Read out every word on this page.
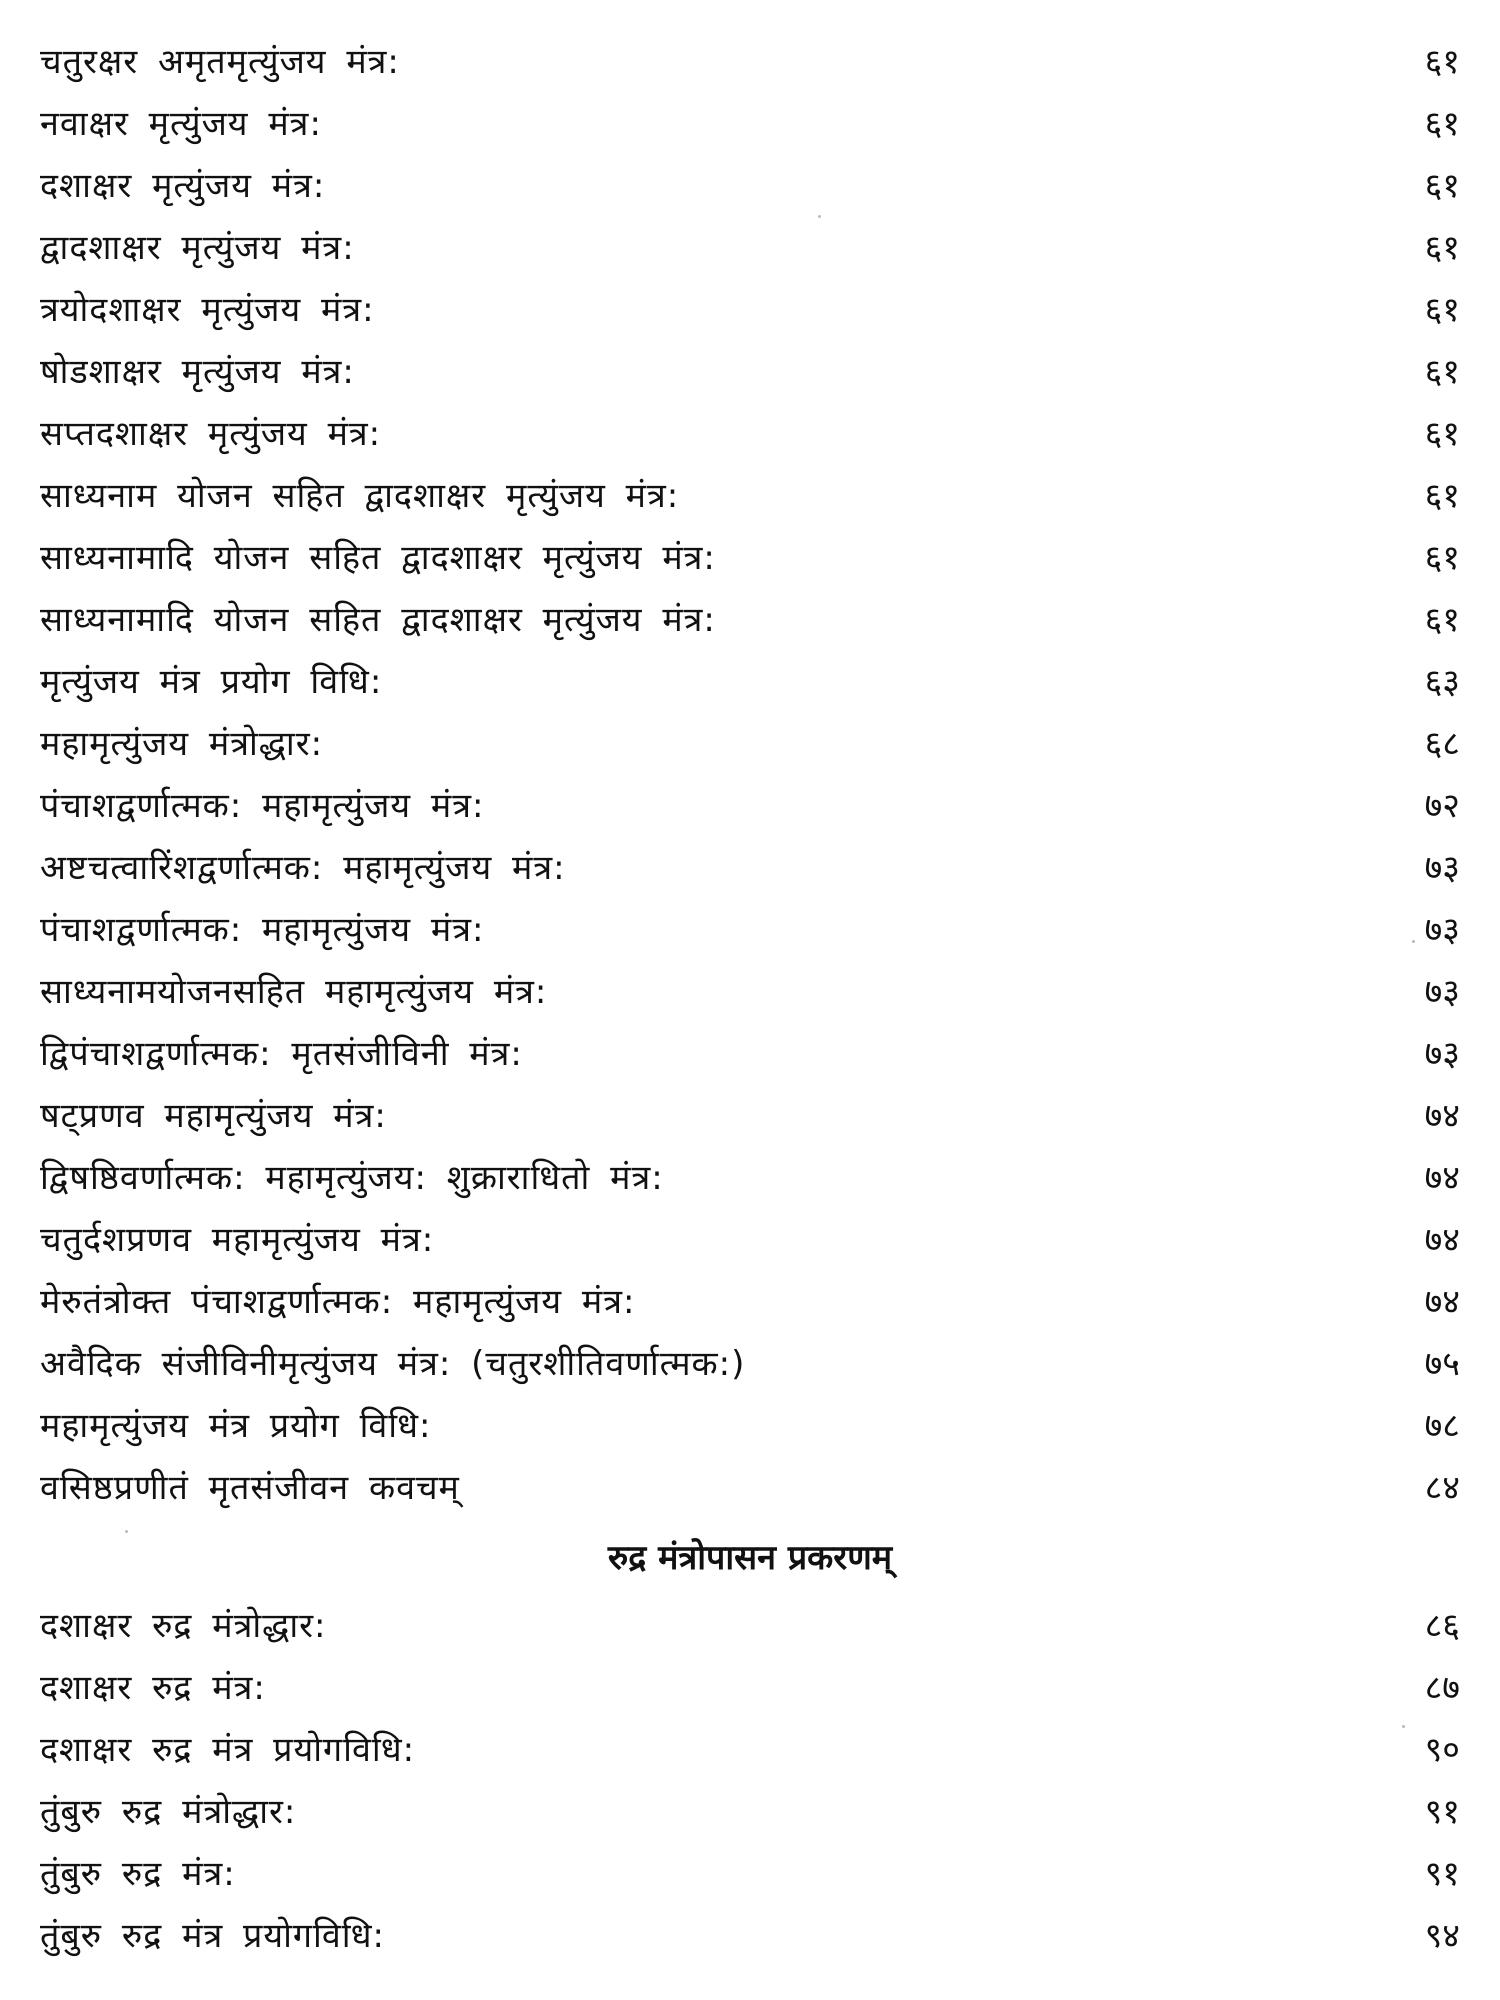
चतुरक्षर अमृतमृत्युंजय मंत्र:	६१
नवाक्षर मृत्युंजय मंत्र:	६१
दशाक्षर मृत्युंजय मंत्र:	६१
द्वादशाक्षर मृत्युंजय मंत्र:	६१
त्रयोदशाक्षर मृत्युंजय मंत्र:	६१
षोडशाक्षर मृत्युंजय मंत्र:	६१
सप्तदशाक्षर मृत्युंजय मंत्र:	६१
साध्यनाम योजन सहित द्वादशाक्षर मृत्युंजय मंत्र:	६१
साध्यनामादि योजन सहित द्वादशाक्षर मृत्युंजय मंत्र:	६१
साध्यनामादि योजन सहित द्वादशाक्षर मृत्युंजय मंत्र:	६१
मृत्युंजय मंत्र प्रयोग विधि:	६३
महामृत्युंजय मंत्रोद्धार:	६८
पंचाशद्वर्णात्मक: महामृत्युंजय मंत्र:	७२
अष्टचत्वारिंशद्वर्णात्मक: महामृत्युंजय मंत्र:	७३
पंचाशद्वर्णात्मक: महामृत्युंजय मंत्र:	७३
साध्यनामयोजनसहित महामृत्युंजय मंत्र:	७३
द्विपंचाशद्वर्णात्मक: मृतसंजीविनी मंत्र:	७३
षट्प्रणव महामृत्युंजय मंत्र:	७४
द्विषष्ठिवर्णात्मक: महामृत्युंजय: शुक्राराधितो मंत्र:	७४
चतुर्दशप्रणव महामृत्युंजय मंत्र:	७४
मेरुतंत्रोक्त पंचाशद्वर्णात्मक: महामृत्युंजय मंत्र:	७४
अवैदिक संजीविनीमृत्युंजय मंत्र: (चतुरशीतिवर्णात्मक:)	७५
महामृत्युंजय मंत्र प्रयोग विधि:	७८
वसिष्ठप्रणीतं मृतसंजीवन कवचम्	८४
रुद्र मंत्रोपासन प्रकरणम्
दशाक्षर रुद्र मंत्रोद्धार:	८६
दशाक्षर रुद्र मंत्र:	८७
दशाक्षर रुद्र मंत्र प्रयोगविधि:	९०
तुंबुरु रुद्र मंत्रोद्धार:	९१
तुंबुरु रुद्र मंत्र:	९१
तुंबुरु रुद्र मंत्र प्रयोगविधि:	९४
